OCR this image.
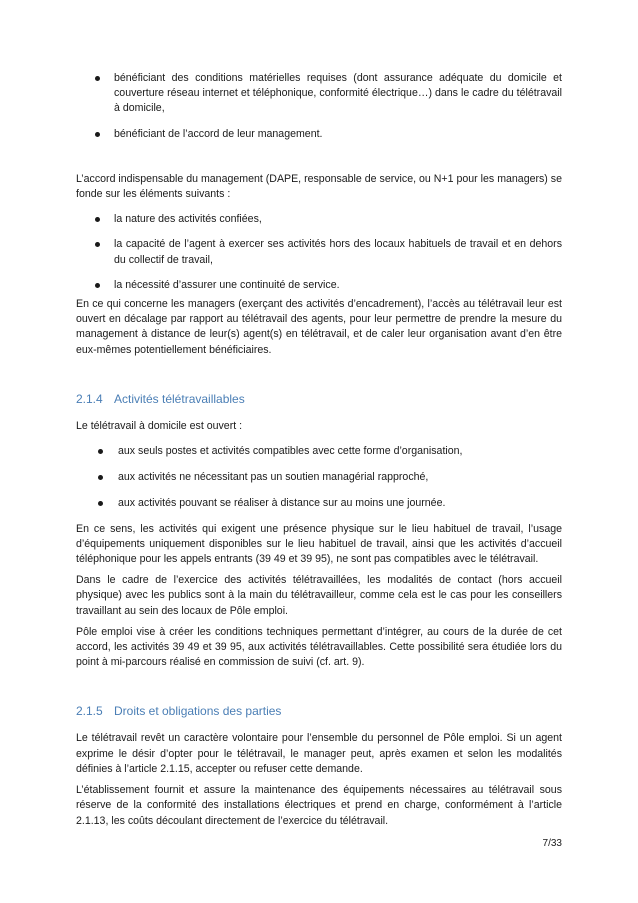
bénéficiant des conditions matérielles requises (dont assurance adéquate du domicile et couverture réseau internet et téléphonique, conformité électrique…) dans le cadre du télétravail à domicile,
bénéficiant de l’accord de leur management.

L’accord indispensable du management (DAPE, responsable de service, ou N+1 pour les managers) se fonde sur les éléments suivants :

la nature des activités confiées,
la capacité de l’agent à exercer ses activités hors des locaux habituels de travail et en dehors du collectif de travail,
la nécessité d’assurer une continuité de service.

En ce qui concerne les managers (exerçant des activités d’encadrement), l’accès au télétravail leur est ouvert en décalage par rapport au télétravail des agents, pour leur permettre de prendre la mesure du management à distance de leur(s) agent(s) en télétravail, et de caler leur organisation avant d’en être eux-mêmes potentiellement bénéficiaires.

2.1.4 Activités télétravaillables

Le télétravail à domicile est ouvert :

aux seuls postes et activités compatibles avec cette forme d’organisation,
aux activités ne nécessitant pas un soutien managérial rapproché,
aux activités pouvant se réaliser à distance sur au moins une journée.

En ce sens, les activités qui exigent une présence physique sur le lieu habituel de travail, l’usage d’équipements uniquement disponibles sur le lieu habituel de travail, ainsi que les activités d’accueil téléphonique pour les appels entrants (39 49 et 39 95), ne sont pas compatibles avec le télétravail.

Dans le cadre de l’exercice des activités télétravaillées, les modalités de contact (hors accueil physique) avec les publics sont à la main du télétravailleur, comme cela est le cas pour les conseillers travaillant au sein des locaux de Pôle emploi.

Pôle emploi vise à créer les conditions techniques permettant d’intégrer, au cours de la durée de cet accord, les activités 39 49 et 39 95, aux activités télétravaillables. Cette possibilité sera étudiée lors du point à mi-parcours réalisé en commission de suivi (cf. art. 9).

2.1.5 Droits et obligations des parties

Le télétravail revêt un caractère volontaire pour l’ensemble du personnel de Pôle emploi. Si un agent exprime le désir d’opter pour le télétravail, le manager peut, après examen et selon les modalités définies à l’article 2.1.15, accepter ou refuser cette demande.

L’établissement fournit et assure la maintenance des équipements nécessaires au télétravail sous réserve de la conformité des installations électriques et prend en charge, conformément à l’article 2.1.13, les coûts découlant directement de l’exercice du télétravail.

7/33
